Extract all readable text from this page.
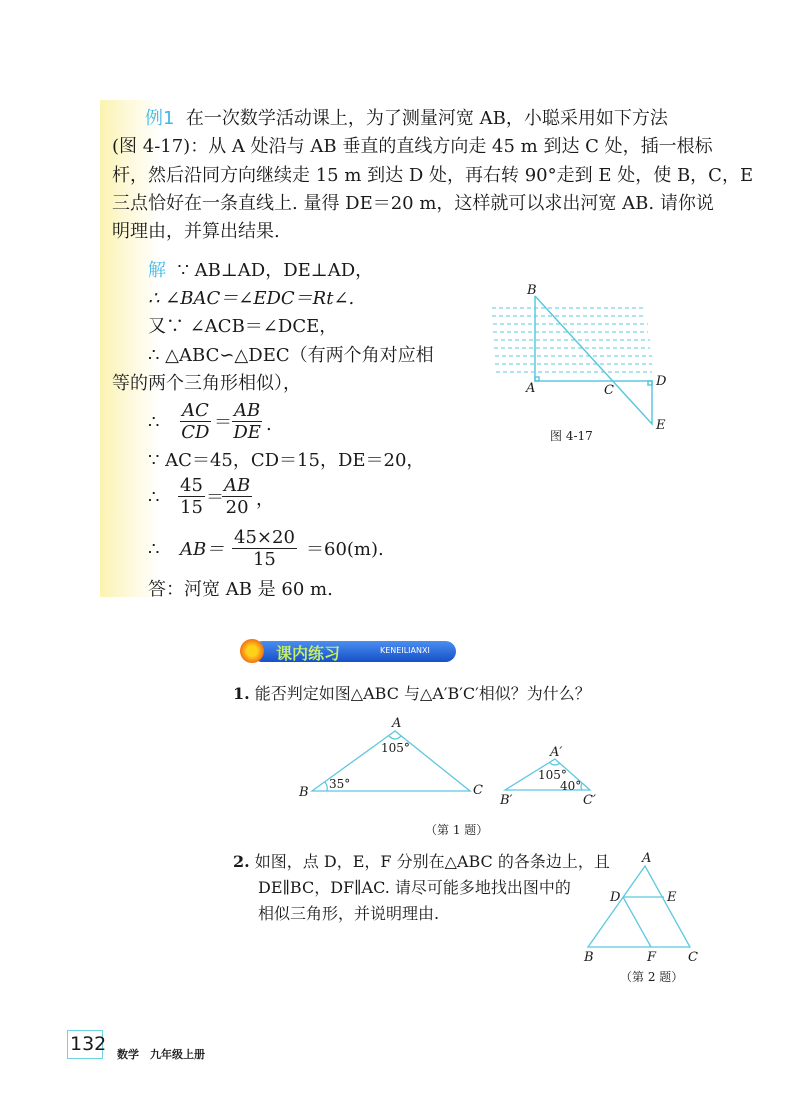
例1 在一次数学活动课上，为了测量河宽 AB，小聪采用如下方法
(图 4-17)：从 A 处沿与 AB 垂直的直线方向走 45 m 到达 C 处，插一根标
杆，然后沿同方向继续走 15 m 到达 D 处，再右转 90°走到 E 处，使 B，C，E
三点恰好在一条直线上. 量得 DE＝20 m，这样就可以求出河宽 AB. 请你说
明理由，并算出结果.
解 ∵ AB⊥AD，DE⊥AD，
∴ ∠BAC＝∠EDC＝Rt∠.
又∵ ∠ACB＝∠DCE，
∴ △ABC∽△DEC（有两个角对应相
等的两个三角形相似），
∴ $\frac{AC}{CD} = \frac{AB}{DE}$ .
∵ AC＝45，CD＝15，DE＝20，
∴ $\frac{45}{15}$ ＝
$\frac{AB}{20}$ ，
∴ $AB= \frac{45\times 20}{15} =60(m)$.
答：河宽 AB 是 60 m.
B
A	C
D
E
图 4-17
课内练习	KENEILIANXI
1. 能否判定如图△ABC 与△A′B′C′相似？为什么？
A
B	C
105°
35°
A′
B′	C′
105°
40°
（第 1 题）
2. 如图，点 D，E，F 分别在△ABC 的各条边上，且
DE∥BC，DF∥AC. 请尽可能多地找出图中的
相似三角形，并说明理由.
A
B	C
D	E
F
（第 2 题）
132 数学　九年级上册
